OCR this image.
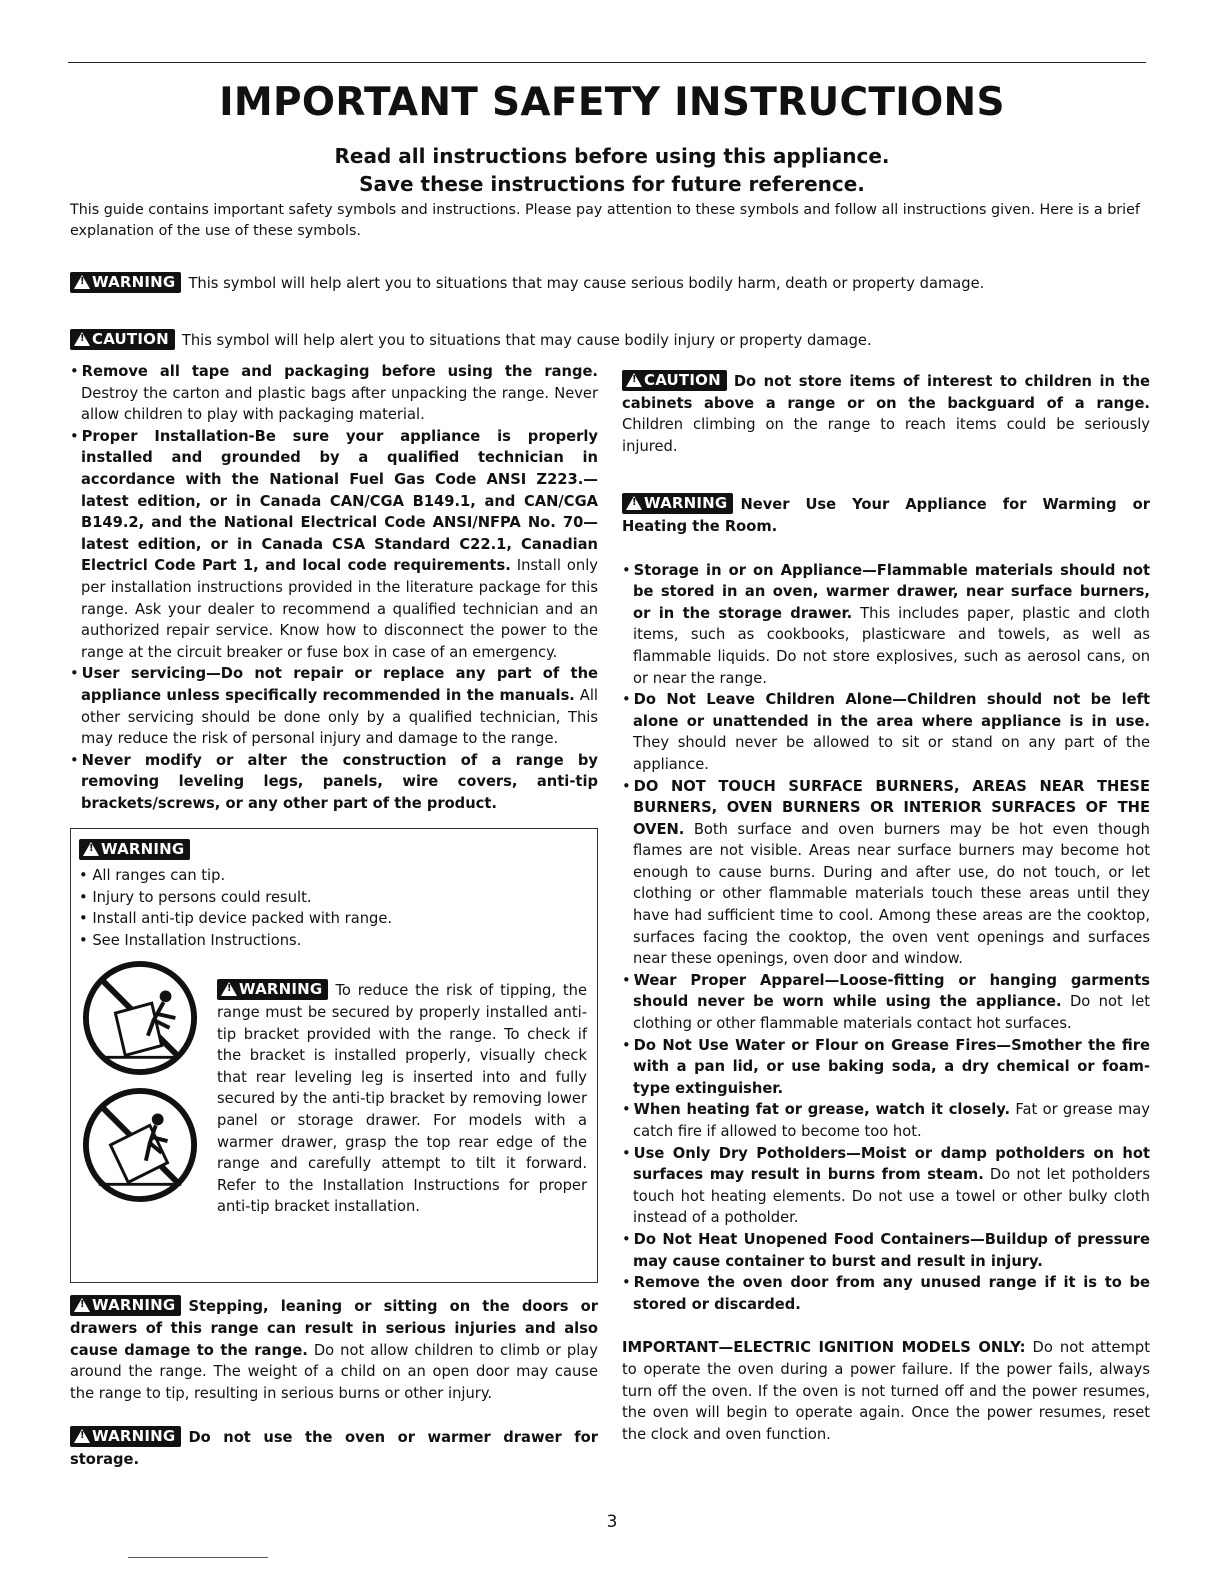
IMPORTANT SAFETY INSTRUCTIONS
Read all instructions before using this appliance.
Save these instructions for future reference.
This guide contains important safety symbols and instructions. Please pay attention to these symbols and follow all instructions given. Here is a brief explanation of the use of these symbols.
!WARNING This symbol will help alert you to situations that may cause serious bodily harm, death or property damage.
!CAUTION This symbol will help alert you to situations that may cause bodily injury or property damage.
• Remove all tape and packaging before using the range. Destroy the carton and plastic bags after unpacking the range. Never allow children to play with packaging material.
• Proper Installation-Be sure your appliance is properly installed and grounded by a qualified technician in accordance with the National Fuel Gas Code ANSI Z223.—latest edition, or in Canada CAN/CGA B149.1, and CAN/CGA B149.2, and the National Electrical Code ANSI/NFPA No. 70—latest edition, or in Canada CSA Standard C22.1, Canadian Electricl Code Part 1, and local code requirements. Install only per installation instructions provided in the literature package for this range. Ask your dealer to recommend a qualified technician and an authorized repair service. Know how to disconnect the power to the range at the circuit breaker or fuse box in case of an emergency.
• User servicing—Do not repair or replace any part of the appliance unless specifically recommended in the manuals. All other servicing should be done only by a qualified technician, This may reduce the risk of personal injury and damage to the range.
• Never modify or alter the construction of a range by removing leveling legs, panels, wire covers, anti-tip brackets/screws, or any other part of the product.
!WARNING
• All ranges can tip.
• Injury to persons could result.
• Install anti-tip device packed with range.
• See Installation Instructions.
!WARNING To reduce the risk of tipping, the range must be secured by properly installed anti-tip bracket provided with the range. To check if the bracket is installed properly, visually check that rear leveling leg is inserted into and fully secured by the anti-tip bracket by removing lower panel or storage drawer. For models with a warmer drawer, grasp the top rear edge of the range and carefully attempt to tilt it forward. Refer to the Installation Instructions for proper anti-tip bracket installation.
!WARNING Stepping, leaning or sitting on the doors or drawers of this range can result in serious injuries and also cause damage to the range. Do not allow children to climb or play around the range. The weight of a child on an open door may cause the range to tip, resulting in serious burns or other injury.
!WARNING Do not use the oven or warmer drawer for storage.
!CAUTION Do not store items of interest to children in the cabinets above a range or on the backguard of a range. Children climbing on the range to reach items could be seriously injured.
!WARNING Never Use Your Appliance for Warming or Heating the Room.
• Storage in or on Appliance—Flammable materials should not be stored in an oven, warmer drawer, near surface burners, or in the storage drawer. This includes paper, plastic and cloth items, such as cookbooks, plasticware and towels, as well as flammable liquids. Do not store explosives, such as aerosol cans, on or near the range.
• Do Not Leave Children Alone—Children should not be left alone or unattended in the area where appliance is in use. They should never be allowed to sit or stand on any part of the appliance.
• DO NOT TOUCH SURFACE BURNERS, AREAS NEAR THESE BURNERS, OVEN BURNERS OR INTERIOR SURFACES OF THE OVEN. Both surface and oven burners may be hot even though flames are not visible. Areas near surface burners may become hot enough to cause burns. During and after use, do not touch, or let clothing or other flammable materials touch these areas until they have had sufficient time to cool. Among these areas are the cooktop, surfaces facing the cooktop, the oven vent openings and surfaces near these openings, oven door and window.
• Wear Proper Apparel—Loose-fitting or hanging garments should never be worn while using the appliance. Do not let clothing or other flammable materials contact hot surfaces.
• Do Not Use Water or Flour on Grease Fires—Smother the fire with a pan lid, or use baking soda, a dry chemical or foam-type extinguisher.
• When heating fat or grease, watch it closely. Fat or grease may catch fire if allowed to become too hot.
• Use Only Dry Potholders—Moist or damp potholders on hot surfaces may result in burns from steam. Do not let potholders touch hot heating elements. Do not use a towel or other bulky cloth instead of a potholder.
• Do Not Heat Unopened Food Containers—Buildup of pressure may cause container to burst and result in injury.
• Remove the oven door from any unused range if it is to be stored or discarded.
IMPORTANT—ELECTRIC IGNITION MODELS ONLY: Do not attempt to operate the oven during a power failure. If the power fails, always turn off the oven. If the oven is not turned off and the power resumes, the oven will begin to operate again. Once the power resumes, reset the clock and oven function.
3
